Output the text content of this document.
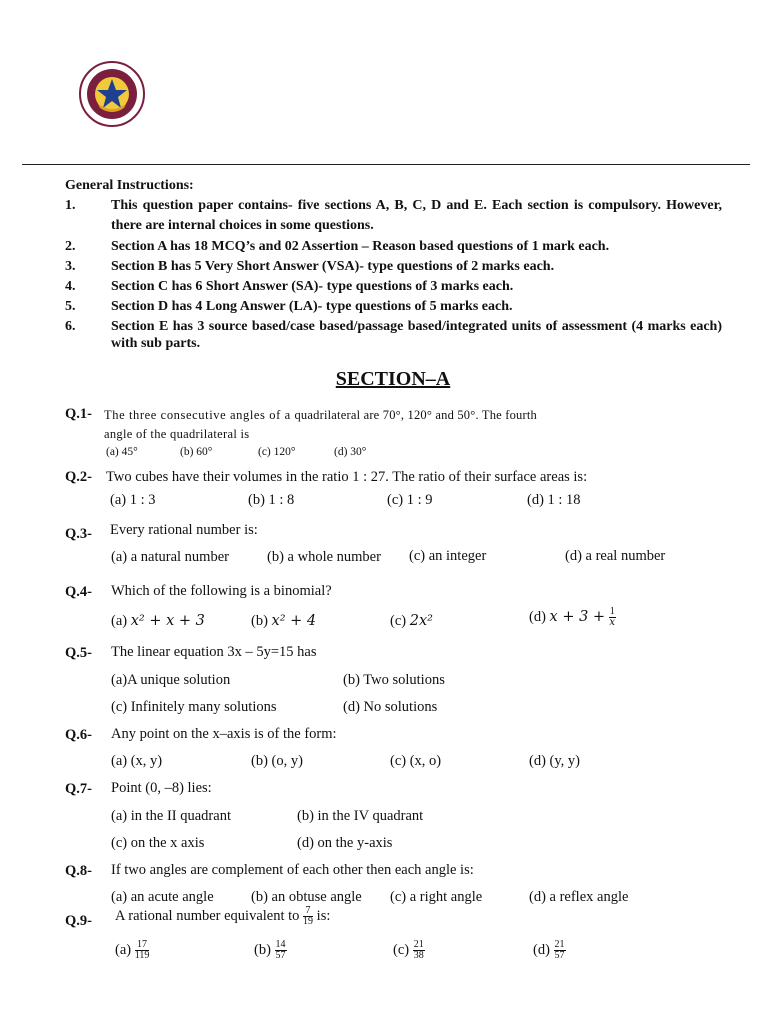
General Instructions:
1.	This question paper contains- five sections A, B, C, D and E. Each section is compulsory. However, there are internal choices in some questions.
2.	Section A has 18 MCQ’s and 02 Assertion – Reason based questions of 1 mark each.
3.	Section B has 5 Very Short Answer (VSA)- type questions of 2 marks each.
4.	Section C has 6 Short Answer (SA)- type questions of 3 marks each.
5.	Section D has 4 Long Answer (LA)- type questions of 5 marks each.
6.	Section E has 3 source based/case based/passage based/integrated units of assessment (4 marks each) with sub parts.
SECTION–A
Q.1- The three consecutive angles of a quadrilateral are 70°, 120° and 50°. The fourth
angle of the quadrilateral is
(a) 45°	(b) 60°	(c) 120°	(d) 30°
Q.2- Two cubes have their volumes in the ratio 1 : 27. The ratio of their surface areas is:
(a) 1 : 3	(b) 1 : 8	(c) 1 : 9	(d) 1 : 18
Q.3- Every rational number is:
(a) a natural number	(b) a whole number (c) an integer	(d) a real number
Q.4- Which of the following is a binomial?
(a) x² + x + 3	(b) x² + 4	(c) 2x²	(d) $x + 3 + \frac{1}{x}$
Q.5- The linear equation 3x – 5y=15 has
(a)A unique solution	(b) Two solutions
(c) Infinitely many solutions	(d) No solutions
Q.6- Any point on the x–axis is of the form:
(a) (x, y)	(b) (o, y)	(c) (x, o)	(d) (y, y)
Q.7- Point (0, –8) lies:
(a) in the II quadrant	(b) in the IV quadrant
(c) on the x axis	(d) on the y-axis
Q.8- If two angles are complement of each other then each angle is:
(a) an acute angle	(b) an obtuse angle (c) a right angle	(d) a reflex angle
Q.9- A rational number equivalent to $\frac{7}{19}$ is:
$(a) \frac{17}{119}$	$(b) \frac{14}{57}$	$(c) \frac{21}{38}$	$(d) \frac{21}{57}$
